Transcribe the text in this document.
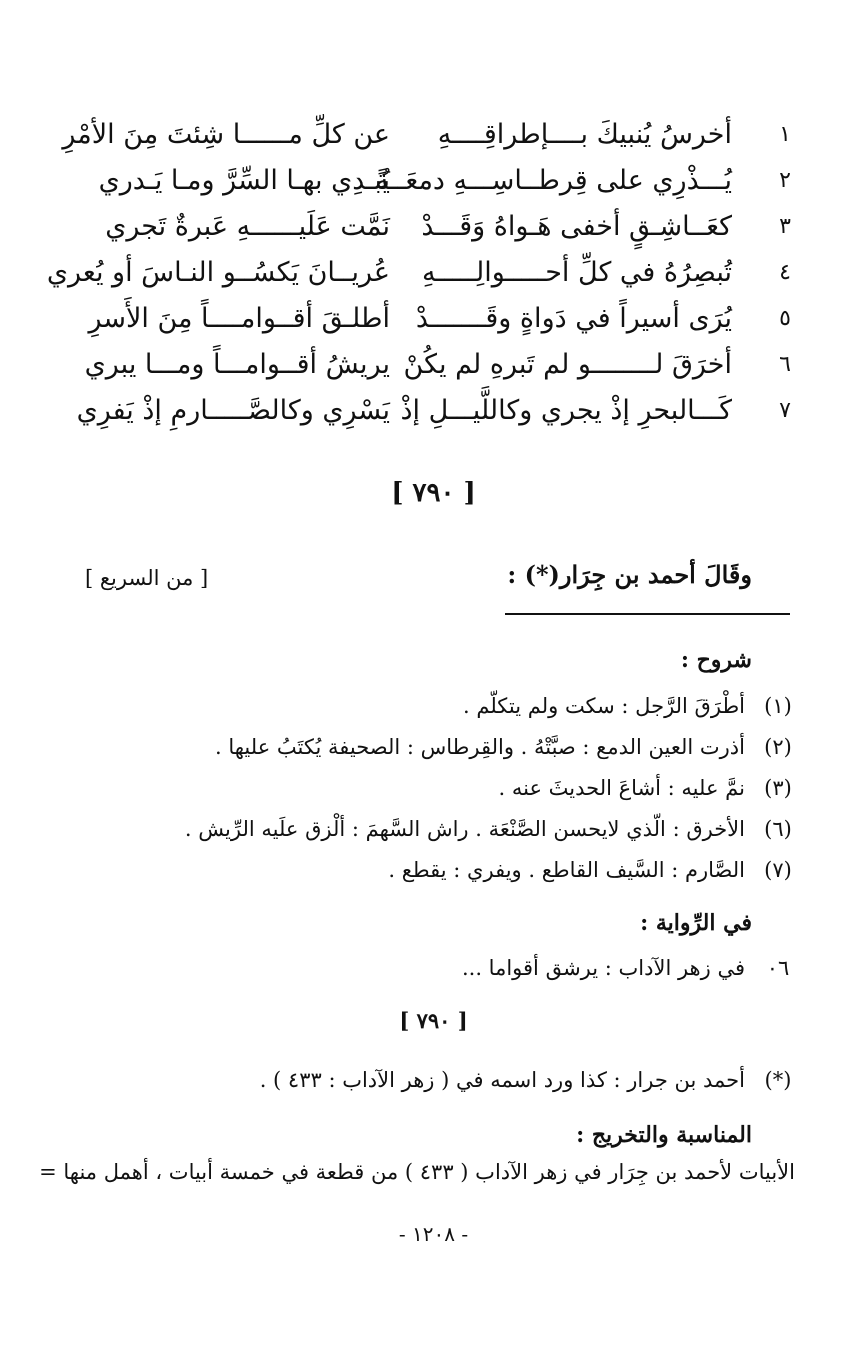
١
أخرسُ يُنبيكَ بــــإطراقِــــهِ
عن كلِّ مــــــا شِئتَ مِنَ الأمْرِ
٢
يُـــذْرِي على قِرطــاسِـــهِ دمعَــةً
يُبـدِي بهـا السِّرَّ ومـا يَـدري
٣
كعَــاشِـقٍ أخفى هَـواهُ وَقَـــدْ
نَمَّت عَلَيــــــهِ عَبرةٌ تَجري
٤
تُبصِرُهُ في كلِّ أحـــــوالِـــــهِ
عُريــانَ يَكسُــو النـاسَ أو يُعري
٥
يُرَى أسيراً في دَواةٍ وقَـــــــدْ
أطلـقَ أقــوامــــاً مِنَ الأَسرِ
٦
أخرَقَ لــــــــو لم تَبرهِ لم يكُنْ
يريشُ أقــوامـــاً ومـــا يبري
٧
كَـــالبحرِ إذْ يجري وكاللَّيـــلِ إذْ
يَسْرِي وكالصَّـــــارمِ إذْ يَفرِي
[ ٧٩٠ ]
وقَالَ أحمد بن جِرَار(*) :
[ من السريع ]
شروح :
(١)أطْرَقَ الرَّجل : سكت ولم يتكلّم .
(٢)أذرت العين الدمع : صبَّتْهُ . والقِرطاس : الصحيفة يُكتَبُ عليها .
(٣)نمَّ عليه : أشاعَ الحديثَ عنه .
(٦)الأخرق : الّذي لايحسن الصَّنْعَة . راش السَّهمَ : ألْزق علَيه الرِّيش .
(٧)الصَّارم : السَّيف القاطع . ويفري : يقطع .
في الرِّواية :
٠٦في زهر الآداب : يرشق أقواما ...
[ ٧٩٠ ]
(*)أحمد بن جرار : كذا ورد اسمه في ( زهر الآداب : ٤٣٣ ) .
المناسبة والتخريج :
الأبيات لأحمد بن جِرَار في زهر الآداب ( ٤٣٣ ) من قطعة في خمسة أبيات ، أهمل منها =
- ١٢٠٨ -
